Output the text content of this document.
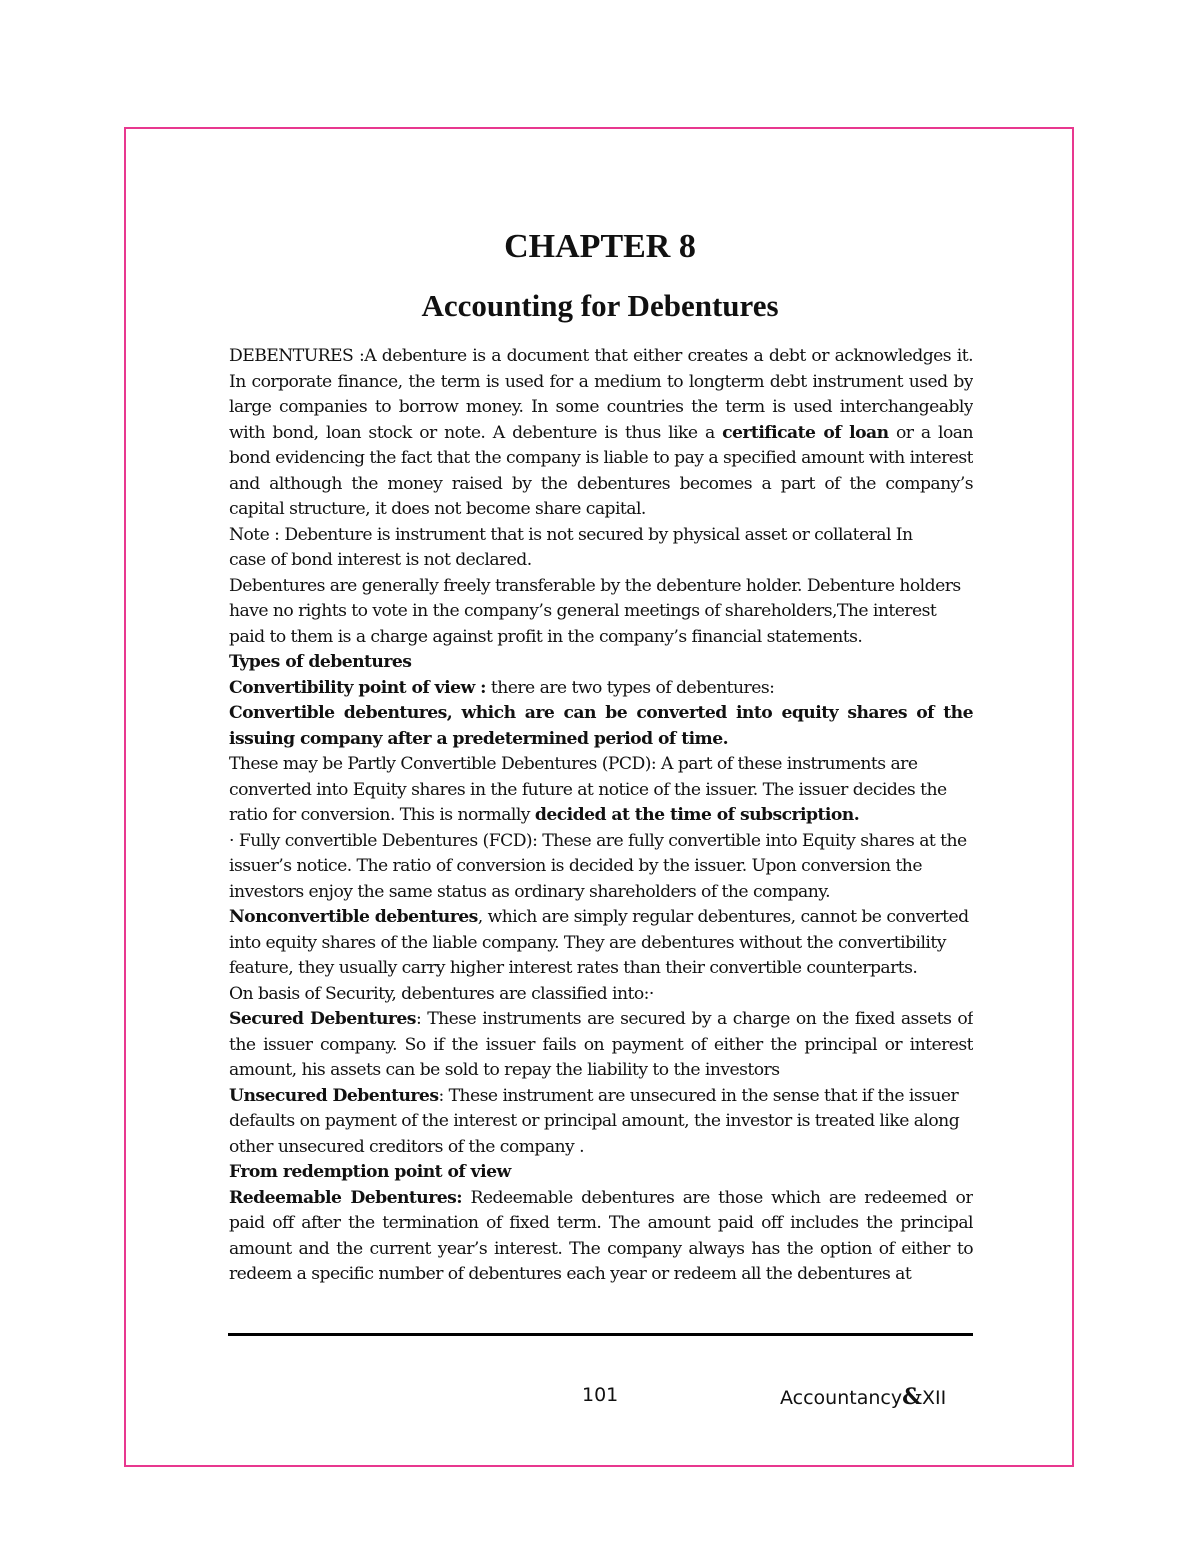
CHAPTER 8
Accounting for Debentures

DEBENTURES :A debenture is a document that either creates a debt or acknowledges it. In corporate finance, the term is used for a medium to longterm debt instrument used by large companies to borrow money. In some countries the term is used interchangeably with bond, loan stock or note. A debenture is thus like a certificate of loan or a loan bond evidencing the fact that the company is liable to pay a specified amount with interest and although the money raised by the debentures becomes a part of the company’s capital structure, it does not become share capital.

Note : Debenture is instrument that is not secured by physical asset or collateral In case of bond interest is not declared.

Debentures are generally freely transferable by the debenture holder. Debenture holders have no rights to vote in the company’s general meetings of shareholders,The interest paid to them is a charge against profit in the company’s financial statements.

Types of debentures

Convertibility point of view : there are two types of debentures:

Convertible debentures, which are can be converted into equity shares of the issuing company after a predetermined period of time.

These may be Partly Convertible Debentures (PCD): A part of these instruments are converted into Equity shares in the future at notice of the issuer. The issuer decides the ratio for conversion. This is normally decided at the time of subscription.

· Fully convertible Debentures (FCD): These are fully convertible into Equity shares at the issuer’s notice. The ratio of conversion is decided by the issuer. Upon conversion the investors enjoy the same status as ordinary shareholders of the company. Nonconvertible debentures, which are simply regular debentures, cannot be converted into equity shares of the liable company. They are debentures without the convertibility feature, they usually carry higher interest rates than their convertible counterparts.

On basis of Security, debentures are classified into:·

Secured Debentures: These instruments are secured by a charge on the fixed assets of the issuer company. So if the issuer fails on payment of either the principal or interest amount, his assets can be sold to repay the liability to the investors

Unsecured Debentures: These instrument are unsecured in the sense that if the issuer defaults on payment of the interest or principal amount, the investor is treated like along other unsecured creditors of the company .

From redemption point of view

Redeemable Debentures: Redeemable debentures are those which are redeemed or paid off after the termination of fixed term. The amount paid off includes the principal amount and the current year’s interest. The company always has the option of either to redeem a specific number of debentures each year or redeem all the debentures at

101	Accountancy&XII
